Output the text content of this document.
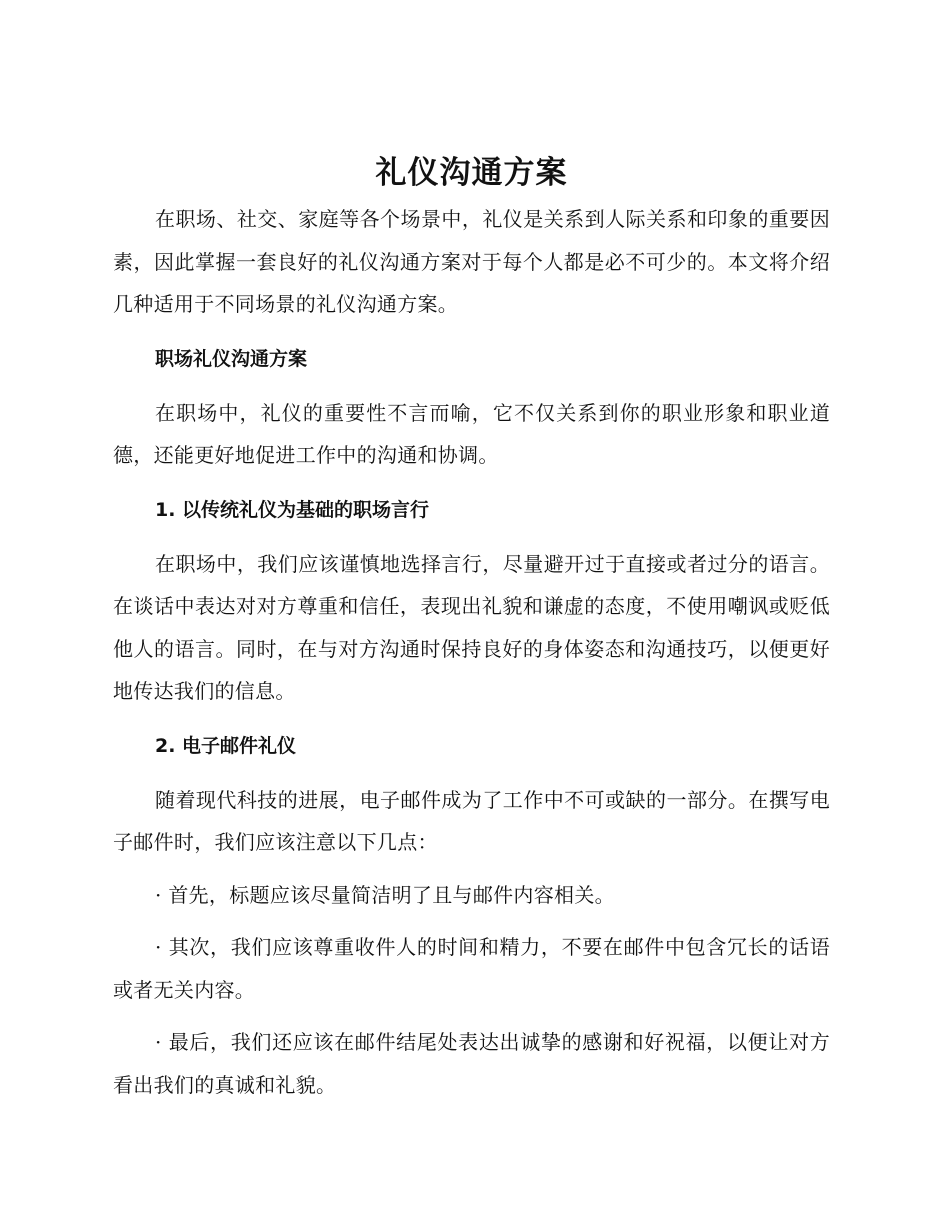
礼仪沟通方案

在职场、社交、家庭等各个场景中，礼仪是关系到人际关系和印象的重要因素，因此掌握一套良好的礼仪沟通方案对于每个人都是必不可少的。本文将介绍几种适用于不同场景的礼仪沟通方案。

职场礼仪沟通方案

在职场中，礼仪的重要性不言而喻，它不仅关系到你的职业形象和职业道德，还能更好地促进工作中的沟通和协调。

1. 以传统礼仪为基础的职场言行

在职场中，我们应该谨慎地选择言行，尽量避开过于直接或者过分的语言。在谈话中表达对对方尊重和信任，表现出礼貌和谦虚的态度，不使用嘲讽或贬低他人的语言。同时，在与对方沟通时保持良好的身体姿态和沟通技巧，以便更好地传达我们的信息。

2. 电子邮件礼仪

随着现代科技的进展，电子邮件成为了工作中不可或缺的一部分。在撰写电子邮件时，我们应该注意以下几点：

· 首先，标题应该尽量简洁明了且与邮件内容相关。

· 其次，我们应该尊重收件人的时间和精力，不要在邮件中包含冗长的话语或者无关内容。

· 最后，我们还应该在邮件结尾处表达出诚挚的感谢和好祝福，以便让对方看出我们的真诚和礼貌。
